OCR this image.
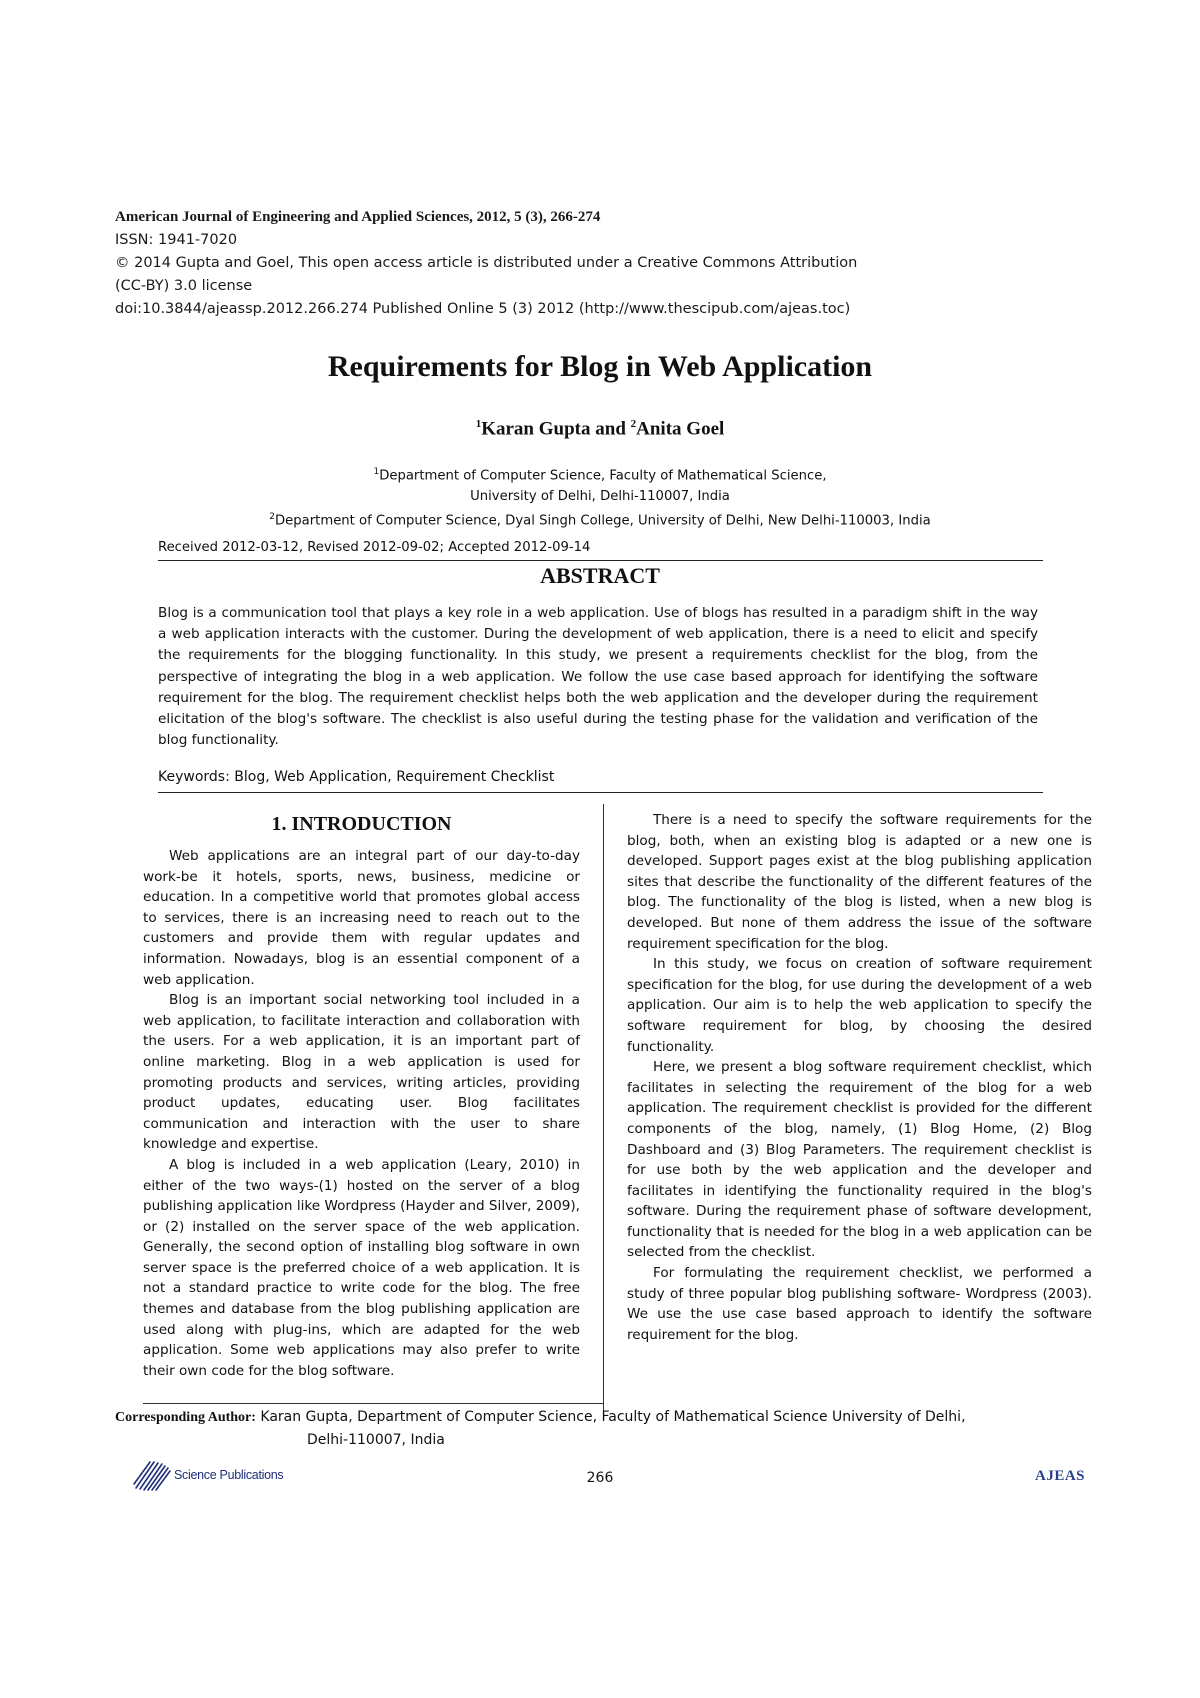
American Journal of Engineering and Applied Sciences, 2012, 5 (3), 266-274
ISSN: 1941-7020
© 2014 Gupta and Goel, This open access article is distributed under a Creative Commons Attribution
(CC-BY) 3.0 license
doi:10.3844/ajeassp.2012.266.274 Published Online 5 (3) 2012 (http://www.thescipub.com/ajeas.toc)
Requirements for Blog in Web Application
$^1$Karan Gupta and $^2$Anita Goel
$^1$Department of Computer Science, Faculty of Mathematical Science,
University of Delhi, Delhi-110007, India
$^2$Department of Computer Science, Dyal Singh College, University of Delhi, New Delhi-110003, India
Received 2012-03-12, Revised 2012-09-02; Accepted 2012-09-14
ABSTRACT
Blog is a communication tool that plays a key role in a web application. Use of blogs has resulted in a paradigm shift in the way a web application interacts with the customer. During the development of web application, there is a need to elicit and specify the requirements for the blogging functionality. In this study, we present a requirements checklist for the blog, from the perspective of integrating the blog in a web application. We follow the use case based approach for identifying the software requirement for the blog. The requirement checklist helps both the web application and the developer during the requirement elicitation of the blog's software. The checklist is also useful during the testing phase for the validation and verification of the blog functionality.
Keywords: Blog, Web Application, Requirement Checklist
1. INTRODUCTION

Web applications are an integral part of our day-to-day work-be it hotels, sports, news, business, medicine or education. In a competitive world that promotes global access to services, there is an increasing need to reach out to the customers and provide them with regular updates and information. Nowadays, blog is an essential component of a web application.

Blog is an important social networking tool included in a web application, to facilitate interaction and collaboration with the users. For a web application, it is an important part of online marketing. Blog in a web application is used for promoting products and services, writing articles, providing product updates, educating user. Blog facilitates communication and interaction with the user to share knowledge and expertise.

A blog is included in a web application (Leary, 2010) in either of the two ways-(1) hosted on the server of a blog publishing application like Wordpress (Hayder and Silver, 2009), or (2) installed on the server space of the web application. Generally, the second option of installing blog software in own server space is the preferred choice of a web application. It is not a standard practice to write code for the blog. The free themes and database from the blog publishing application are used along with plug-ins, which are adapted for the web application. Some web applications may also prefer to write their own code for the blog software.

There is a need to specify the software requirements for the blog, both, when an existing blog is adapted or a new one is developed. Support pages exist at the blog publishing application sites that describe the functionality of the different features of the blog. The functionality of the blog is listed, when a new blog is developed. But none of them address the issue of the software requirement specification for the blog.

In this study, we focus on creation of software requirement specification for the blog, for use during the development of a web application. Our aim is to help the web application to specify the software requirement for blog, by choosing the desired functionality.

Here, we present a blog software requirement checklist, which facilitates in selecting the requirement of the blog for a web application. The requirement checklist is provided for the different components of the blog, namely, (1) Blog Home, (2) Blog Dashboard and (3) Blog Parameters. The requirement checklist is for use both by the web application and the developer and facilitates in identifying the functionality required in the blog's software. During the requirement phase of software development, functionality that is needed for the blog in a web application can be selected from the checklist.

For formulating the requirement checklist, we performed a study of three popular blog publishing software- Wordpress (2003). We use the use case based approach to identify the software requirement for the blog.

Corresponding Author: Karan Gupta, Department of Computer Science, Faculty of Mathematical Science University of Delhi,
Delhi-110007, India
Science Publications	266	AJEAS
